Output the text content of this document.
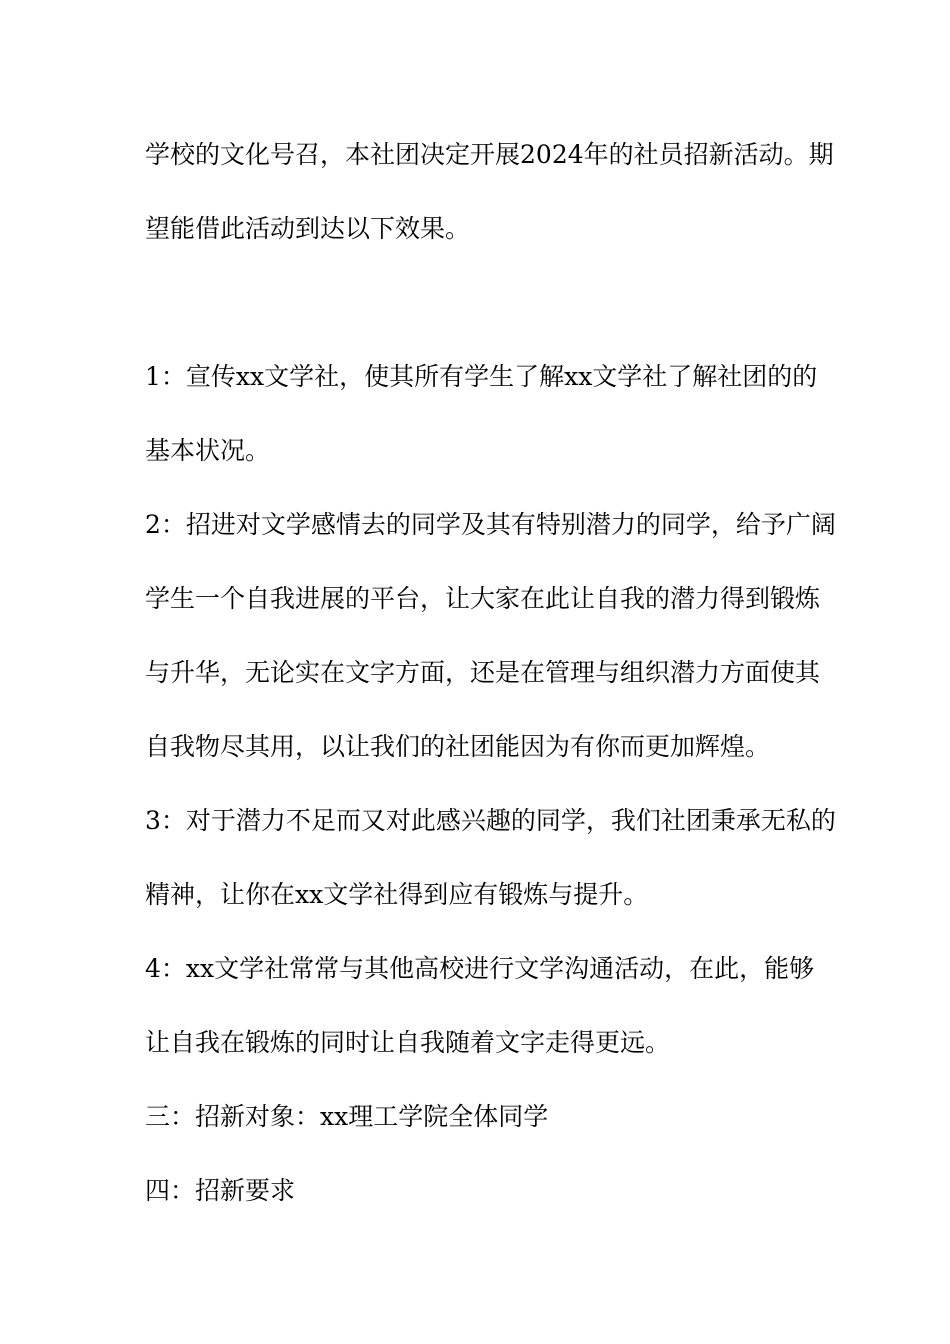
学校的文化号召，本社团决定开展2024年的社员招新活动。期
望能借此活动到达以下效果。
1：宣传xx文学社，使其所有学生了解xx文学社了解社团的的
基本状况。
2：招进对文学感情去的同学及其有特别潜力的同学，给予广阔
学生一个自我进展的平台，让大家在此让自我的潜力得到锻炼
与升华，无论实在文字方面，还是在管理与组织潜力方面使其
自我物尽其用，以让我们的社团能因为有你而更加辉煌。
3：对于潜力不足而又对此感兴趣的同学，我们社团秉承无私的
精神，让你在xx文学社得到应有锻炼与提升。
4：xx文学社常常与其他高校进行文学沟通活动，在此，能够
让自我在锻炼的同时让自我随着文字走得更远。
三：招新对象：xx理工学院全体同学
四：招新要求
